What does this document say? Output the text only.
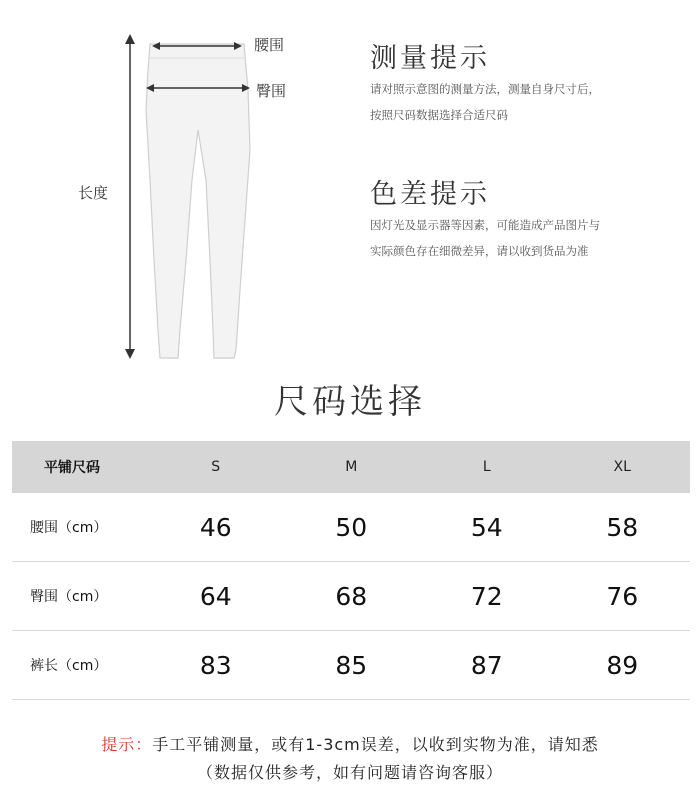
长度
腰围
臀围
测量提示
请对照示意图的测量方法，测量自身尺寸后，
按照尺码数据选择合适尺码
色差提示
因灯光及显示器等因素，可能造成产品图片与
实际颜色存在细微差异，请以收到货品为准
尺码选择
平铺尺码	S	M	L	XL
腰围（cm）	46	50	54	58
臀围（cm）	64	68	72	76
裤长（cm）	83	85	87	89
提示：手工平铺测量，或有1-3cm误差，以收到实物为准，请知悉
（数据仅供参考，如有问题请咨询客服）
